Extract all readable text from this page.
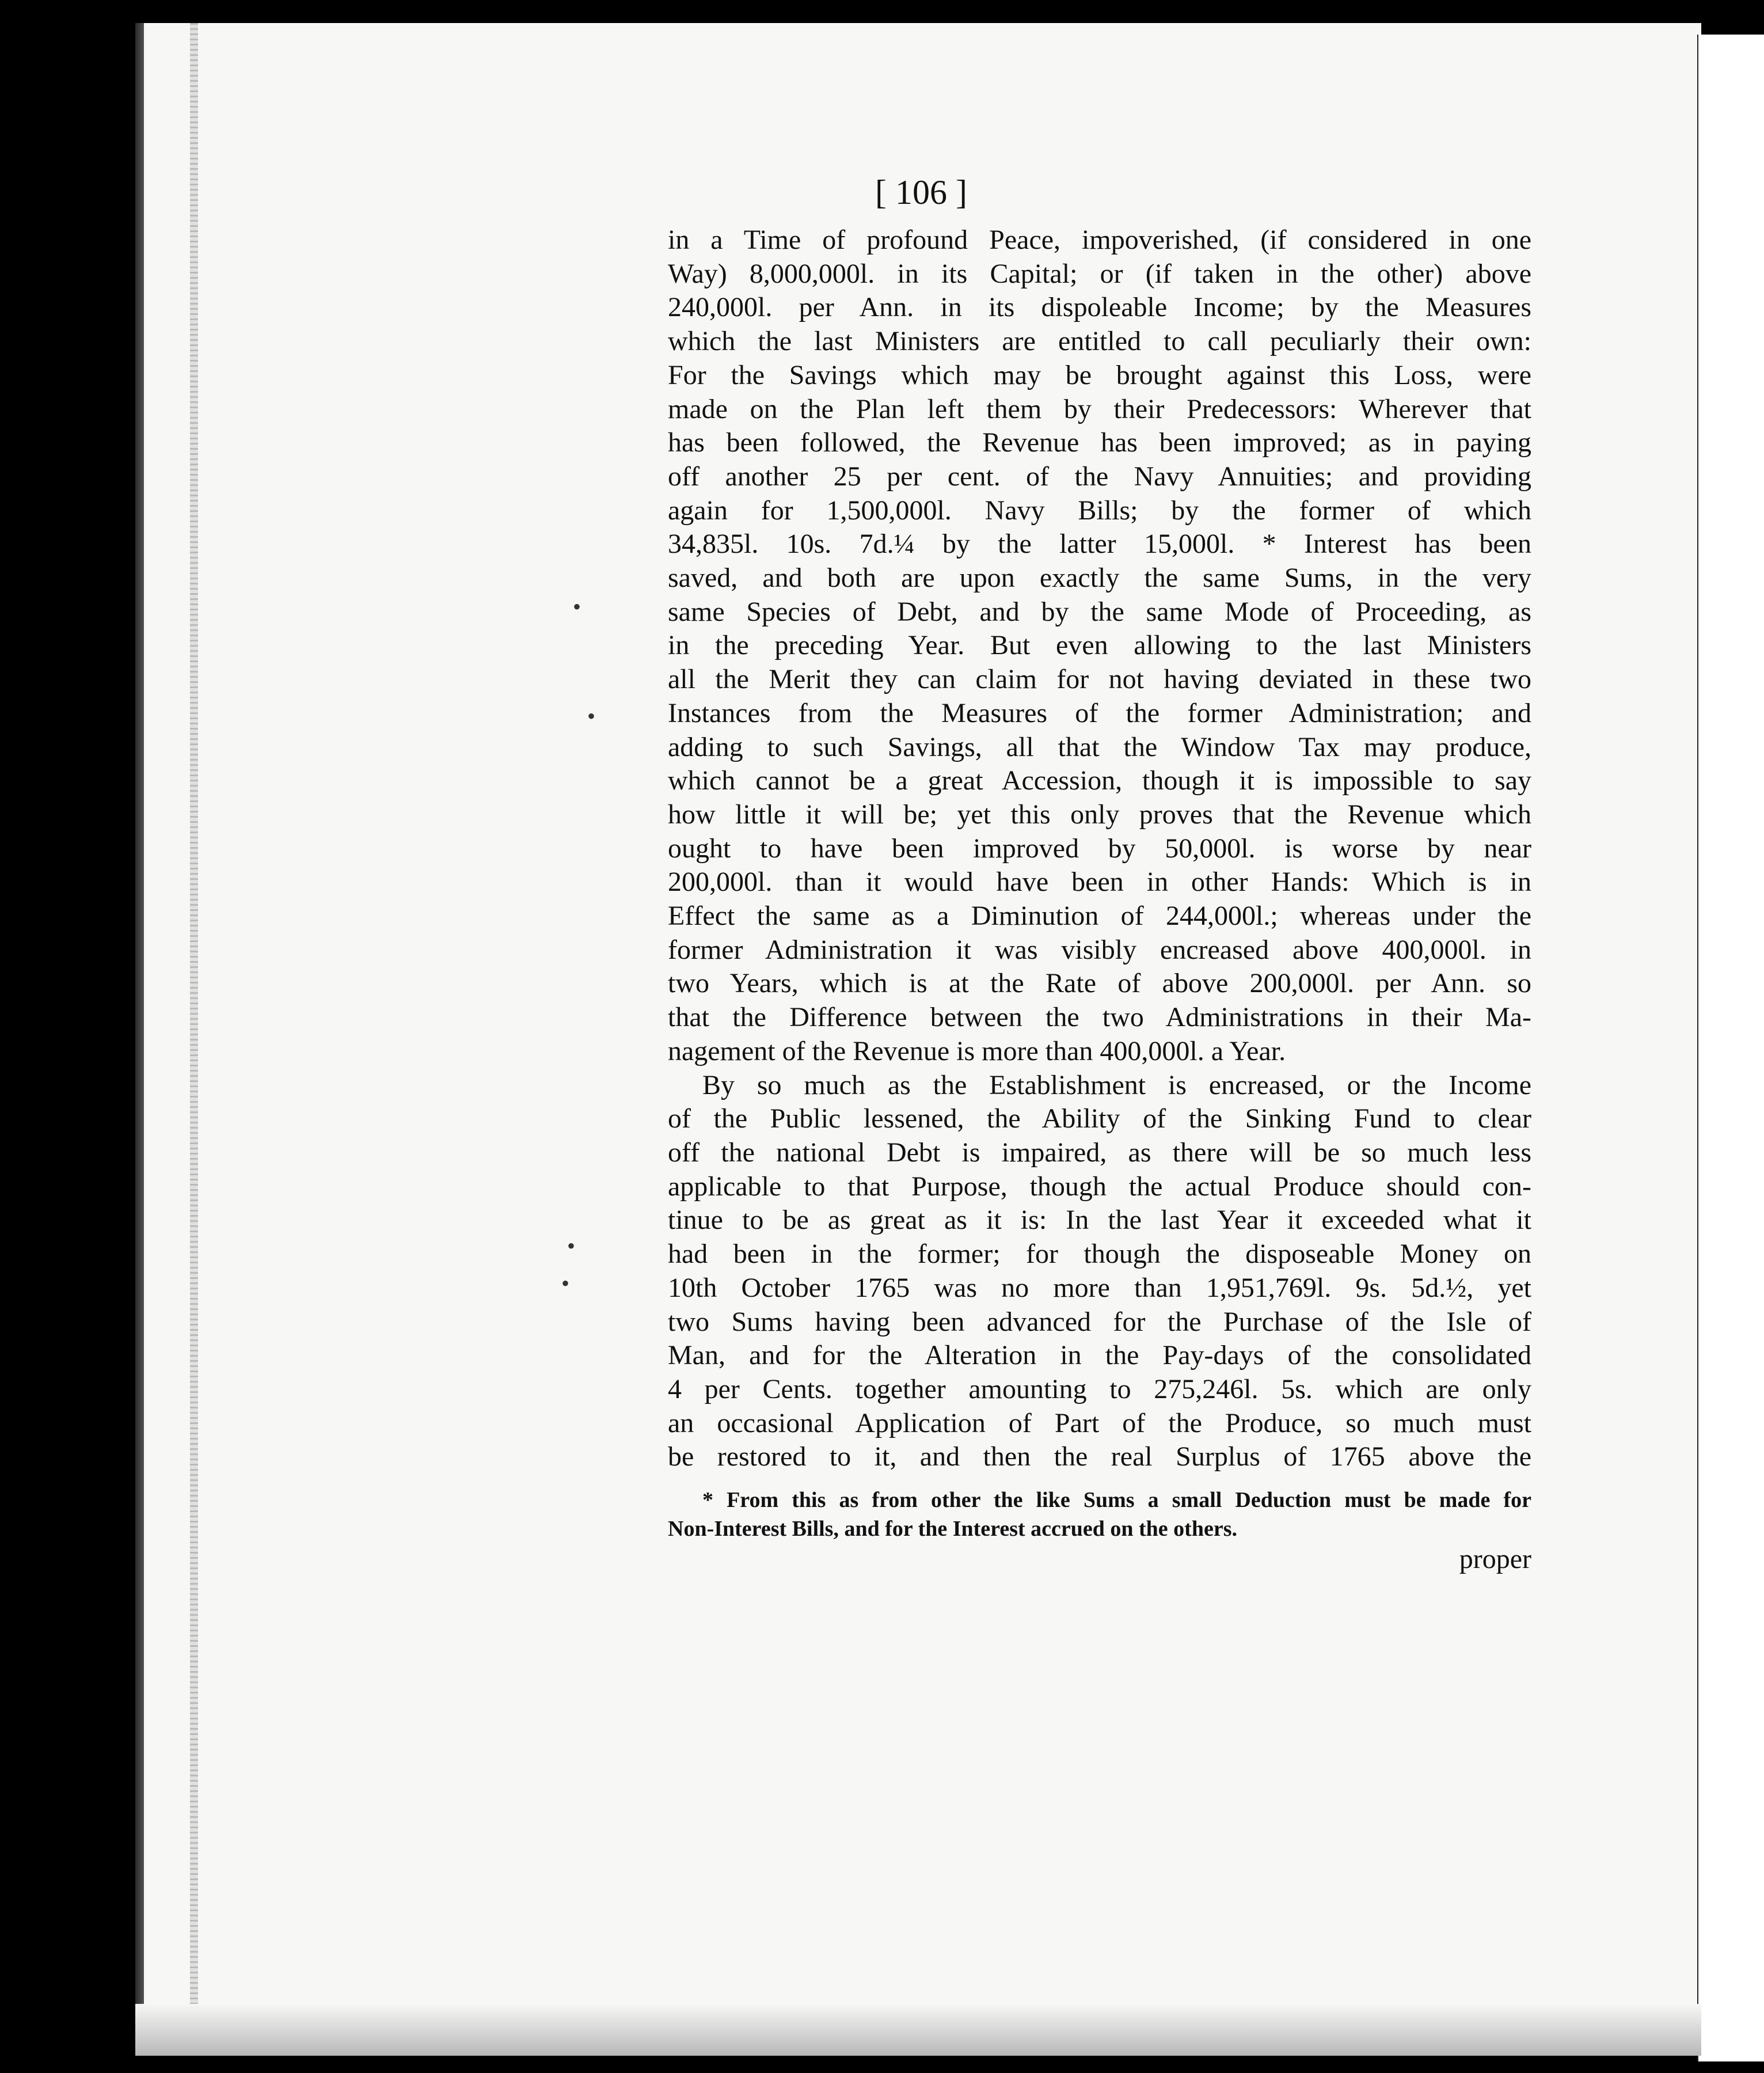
[ 106 ]
in a Time of profound Peace, impoverished, (if considered in one
Way) 8,000,000l. in its Capital; or (if taken in the other) above
240,000l. per Ann. in its dispoleable Income; by the Measures
which the last Ministers are entitled to call peculiarly their own:
For the Savings which may be brought against this Loss, were
made on the Plan left them by their Predecessors: Wherever that
has been followed, the Revenue has been improved; as in paying
off another 25 per cent. of the Navy Annuities; and providing
again for 1,500,000l. Navy Bills; by the former of which
34,835l. 10s. 7d.¼ by the latter 15,000l. * Interest has been
saved, and both are upon exactly the same Sums, in the very
same Species of Debt, and by the same Mode of Proceeding, as
in the preceding Year. But even allowing to the last Ministers
all the Merit they can claim for not having deviated in these two
Instances from the Measures of the former Administration; and
adding to such Savings, all that the Window Tax may produce,
which cannot be a great Accession, though it is impossible to say
how little it will be; yet this only proves that the Revenue which
ought to have been improved by 50,000l. is worse by near
200,000l. than it would have been in other Hands: Which is in
Effect the same as a Diminution of 244,000l.; whereas under the
former Administration it was visibly encreased above 400,000l. in
two Years, which is at the Rate of above 200,000l. per Ann. so
that the Difference between the two Administrations in their Ma-
nagement of the Revenue is more than 400,000l. a Year.
By so much as the Establishment is encreased, or the Income
of the Public lessened, the Ability of the Sinking Fund to clear
off the national Debt is impaired, as there will be so much less
applicable to that Purpose, though the actual Produce should con-
tinue to be as great as it is: In the last Year it exceeded what it
had been in the former; for though the disposeable Money on
10th October 1765 was no more than 1,951,769l. 9s. 5d.½, yet
two Sums having been advanced for the Purchase of the Isle of
Man, and for the Alteration in the Pay-days of the consolidated
4 per Cents. together amounting to 275,246l. 5s. which are only
an occasional Application of Part of the Produce, so much must
be restored to it, and then the real Surplus of 1765 above the
* From this as from other the like Sums a small Deduction must be made for
Non-Interest Bills, and for the Interest accrued on the others.
proper
•
•
•
•
